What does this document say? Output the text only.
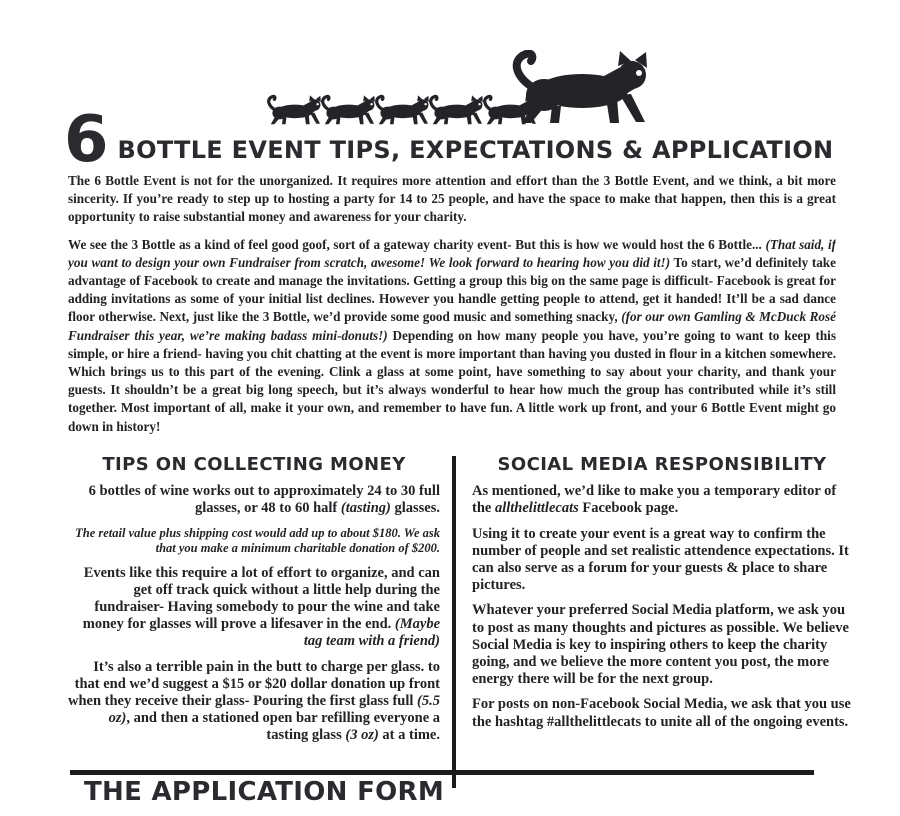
6 BOTTLE EVENT TIPS, EXPECTATIONS & APPLICATION

The 6 Bottle Event is not for the unorganized. It requires more attention and effort than the 3 Bottle Event, and we think, a bit more sincerity. If you’re ready to step up to hosting a party for 14 to 25 people, and have the space to make that happen, then this is a great opportunity to raise substantial money and awareness for your charity.

We see the 3 Bottle as a kind of feel good goof, sort of a gateway charity event- But this is how we would host the 6 Bottle... (That said, if you want to design your own Fundraiser from scratch, awesome! We look forward to hearing how you did it!) To start, we’d definitely take advantage of Facebook to create and manage the invitations. Getting a group this big on the same page is difficult- Facebook is great for adding invitations as some of your initial list declines. However you handle getting people to attend, get it handed! It’ll be a sad dance floor otherwise. Next, just like the 3 Bottle, we’d provide some good music and something snacky, (for our own Gamling & McDuck Rosé Fundraiser this year, we’re making badass mini-donuts!) Depending on how many people you have, you’re going to want to keep this simple, or hire a friend- having you chit chatting at the event is more important than having you dusted in flour in a kitchen somewhere. Which brings us to this part of the evening. Clink a glass at some point, have something to say about your charity, and thank your guests. It shouldn’t be a great big long speech, but it’s always wonderful to hear how much the group has contributed while it’s still together. Most important of all, make it your own, and remember to have fun. A little work up front, and your 6 Bottle Event might go down in history!

TIPS ON COLLECTING MONEY

6 bottles of wine works out to approximately 24 to 30 full glasses, or 48 to 60 half (tasting) glasses.

The retail value plus shipping cost would add up to about $180. We ask that you make a minimum charitable donation of $200.

Events like this require a lot of effort to organize, and can get off track quick without a little help during the fundraiser- Having somebody to pour the wine and take money for glasses will prove a lifesaver in the end. (Maybe tag team with a friend)

It’s also a terrible pain in the butt to charge per glass. to that end we’d suggest a $15 or $20 dollar donation up front when they receive their glass- Pouring the first glass full (5.5 oz), and then a stationed open bar refilling everyone a tasting glass (3 oz) at a time.

SOCIAL MEDIA RESPONSIBILITY

As mentioned, we’d like to make you a temporary editor of the allthelittlecats Facebook page.

Using it to create your event is a great way to confirm the number of people and set realistic attendence expectations. It can also serve as a forum for your guests & place to share pictures.

Whatever your preferred Social Media platform, we ask you to post as many thoughts and pictures as possible. We believe Social Media is key to inspiring others to keep the charity going, and we believe the more content you post, the more energy there will be for the next group.

For posts on non-Facebook Social Media, we ask that you use the hashtag #allthelittlecats to unite all of the ongoing events.

THE APPLICATION FORM
